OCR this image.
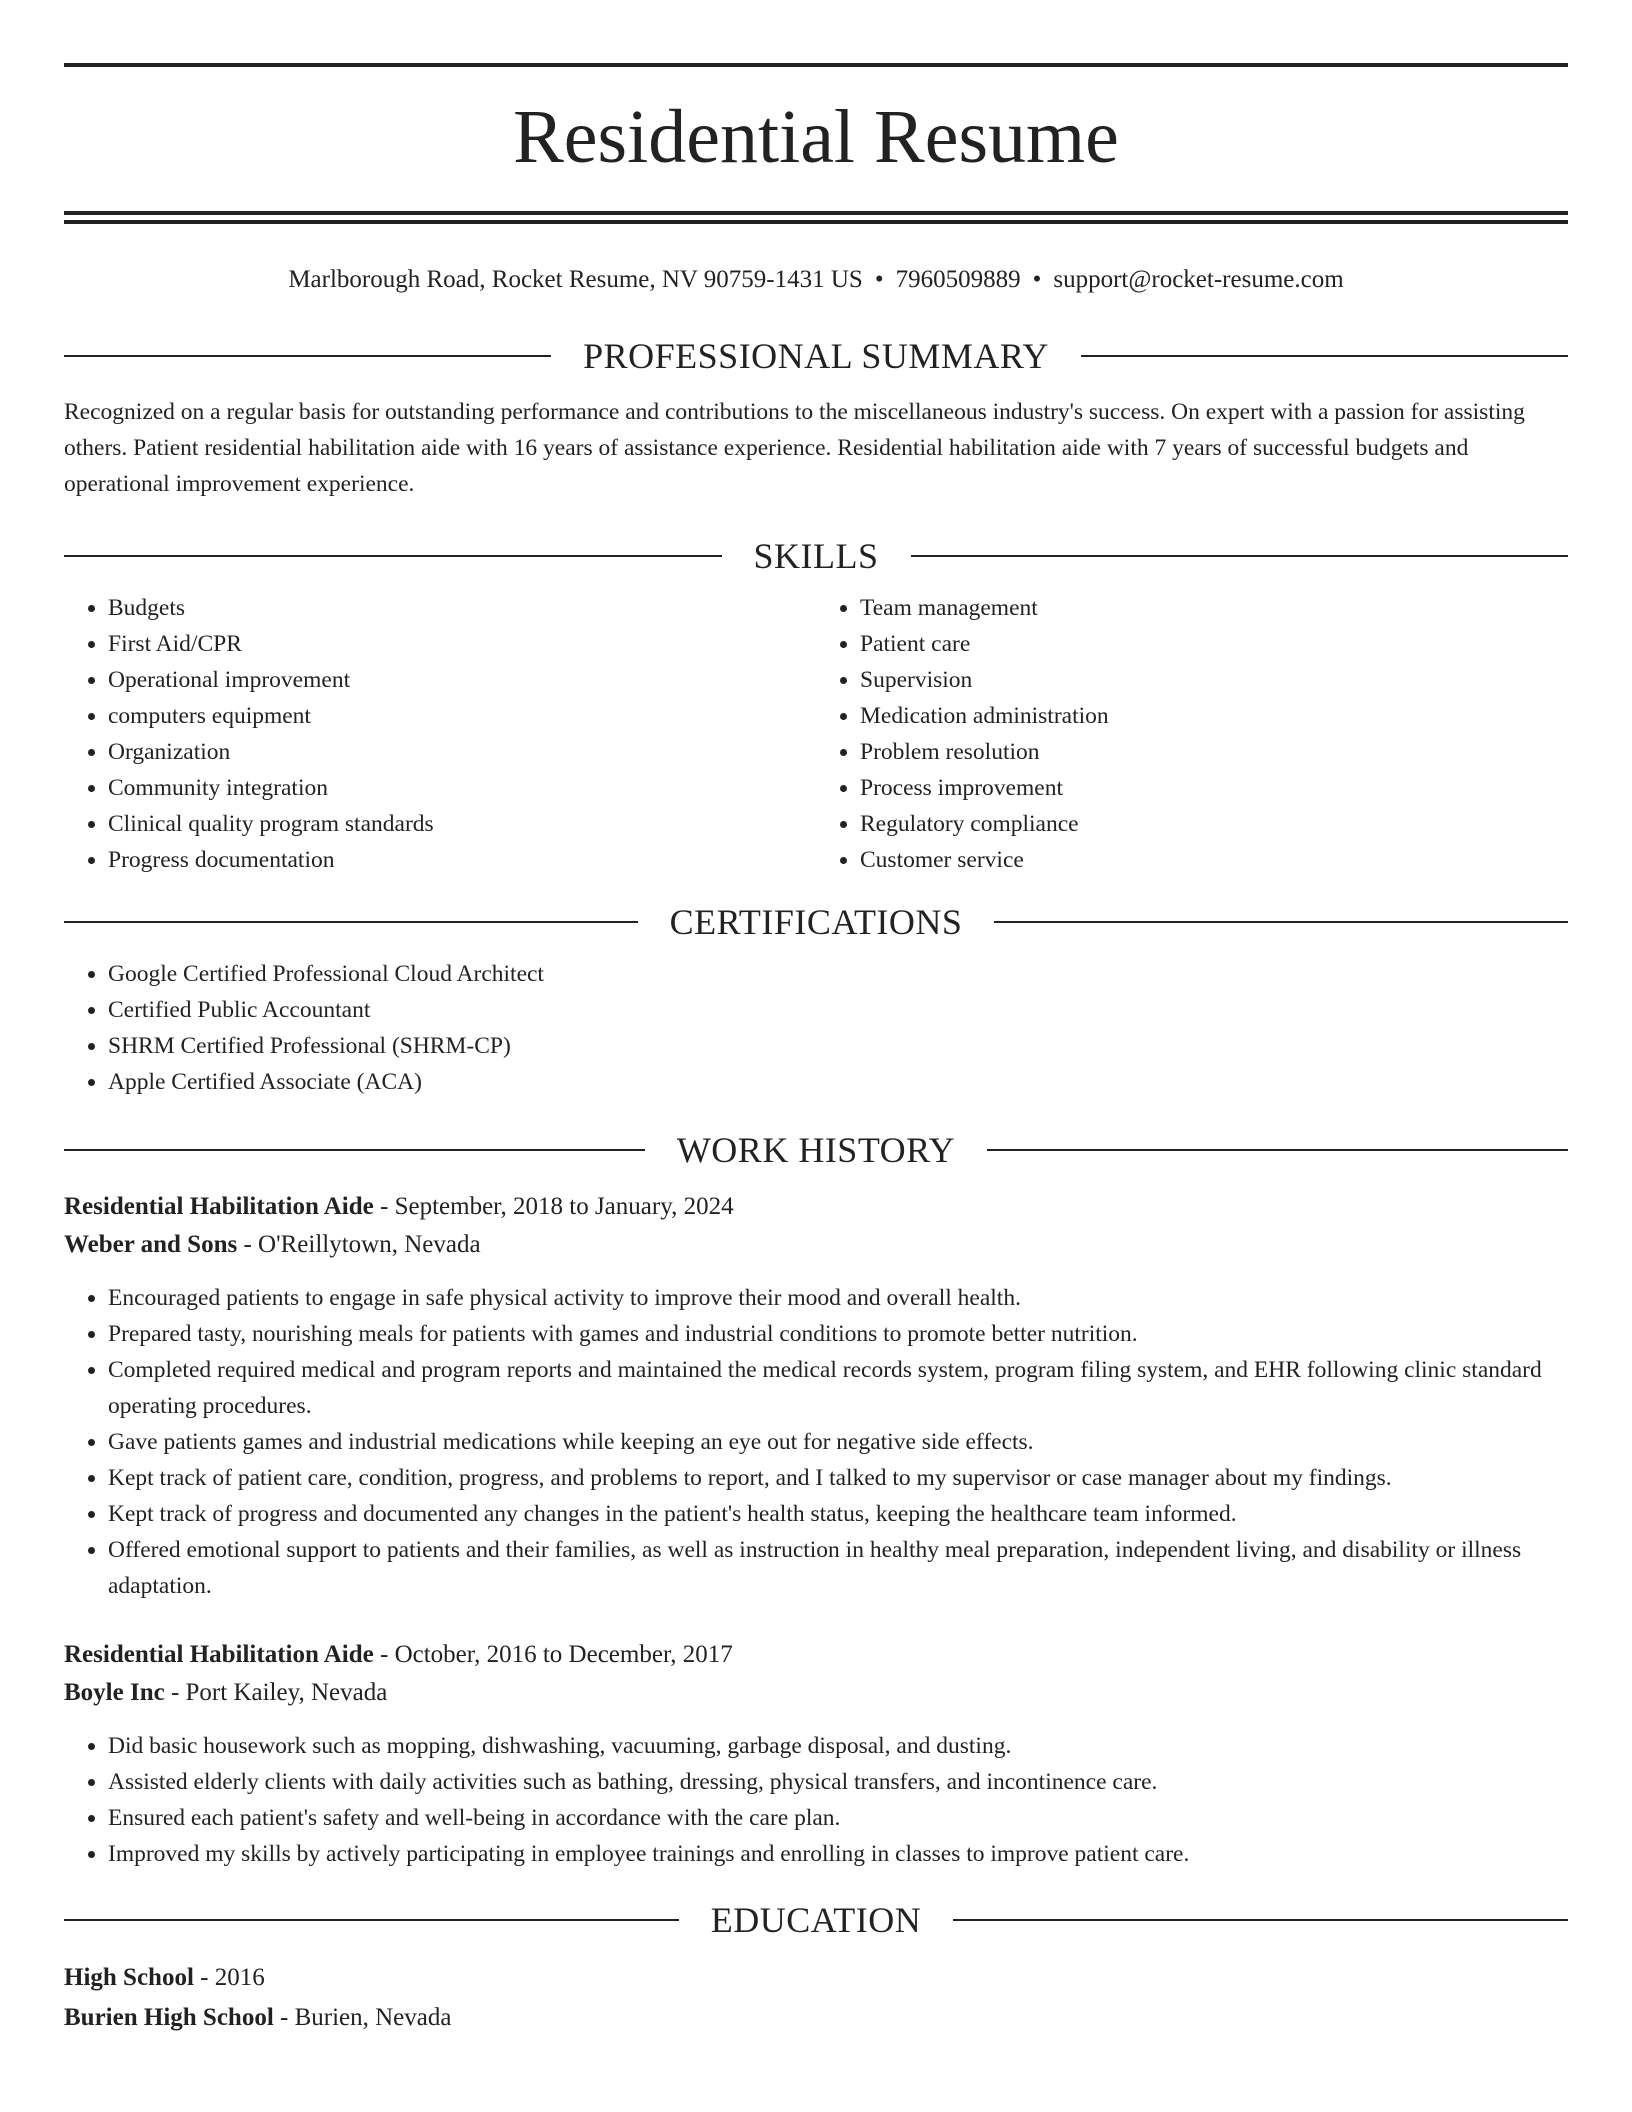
Residential Resume
Marlborough Road, Rocket Resume, NV 90759-1431 US • 7960509889 • support@rocket-resume.com
PROFESSIONAL SUMMARY

Recognized on a regular basis for outstanding performance and contributions to the miscellaneous industry's success. On expert with a passion for assisting others. Patient residential habilitation aide with 16 years of assistance experience. Residential habilitation aide with 7 years of successful budgets and operational improvement experience.

SKILLS
• Budgets
• First Aid/CPR
• Operational improvement
• computers equipment
• Organization
• Community integration
• Clinical quality program standards
• Progress documentation
• Team management
• Patient care
• Supervision
• Medication administration
• Problem resolution
• Process improvement
• Regulatory compliance
• Customer service
CERTIFICATIONS
• Google Certified Professional Cloud Architect
• Certified Public Accountant
• SHRM Certified Professional (SHRM-CP)
• Apple Certified Associate (ACA)
WORK HISTORY
Residential Habilitation Aide - September, 2018 to January, 2024
Weber and Sons - O'Reillytown, Nevada
• Encouraged patients to engage in safe physical activity to improve their mood and overall health.
• Prepared tasty, nourishing meals for patients with games and industrial conditions to promote better nutrition.
• Completed required medical and program reports and maintained the medical records system, program filing system, and EHR following clinic standard operating procedures.
• Gave patients games and industrial medications while keeping an eye out for negative side effects.
• Kept track of patient care, condition, progress, and problems to report, and I talked to my supervisor or case manager about my findings.
• Kept track of progress and documented any changes in the patient's health status, keeping the healthcare team informed.
• Offered emotional support to patients and their families, as well as instruction in healthy meal preparation, independent living, and disability or illness adaptation.
Residential Habilitation Aide - October, 2016 to December, 2017
Boyle Inc - Port Kailey, Nevada
• Did basic housework such as mopping, dishwashing, vacuuming, garbage disposal, and dusting.
• Assisted elderly clients with daily activities such as bathing, dressing, physical transfers, and incontinence care.
• Ensured each patient's safety and well-being in accordance with the care plan.
• Improved my skills by actively participating in employee trainings and enrolling in classes to improve patient care.
EDUCATION
High School - 2016
Burien High School - Burien, Nevada
